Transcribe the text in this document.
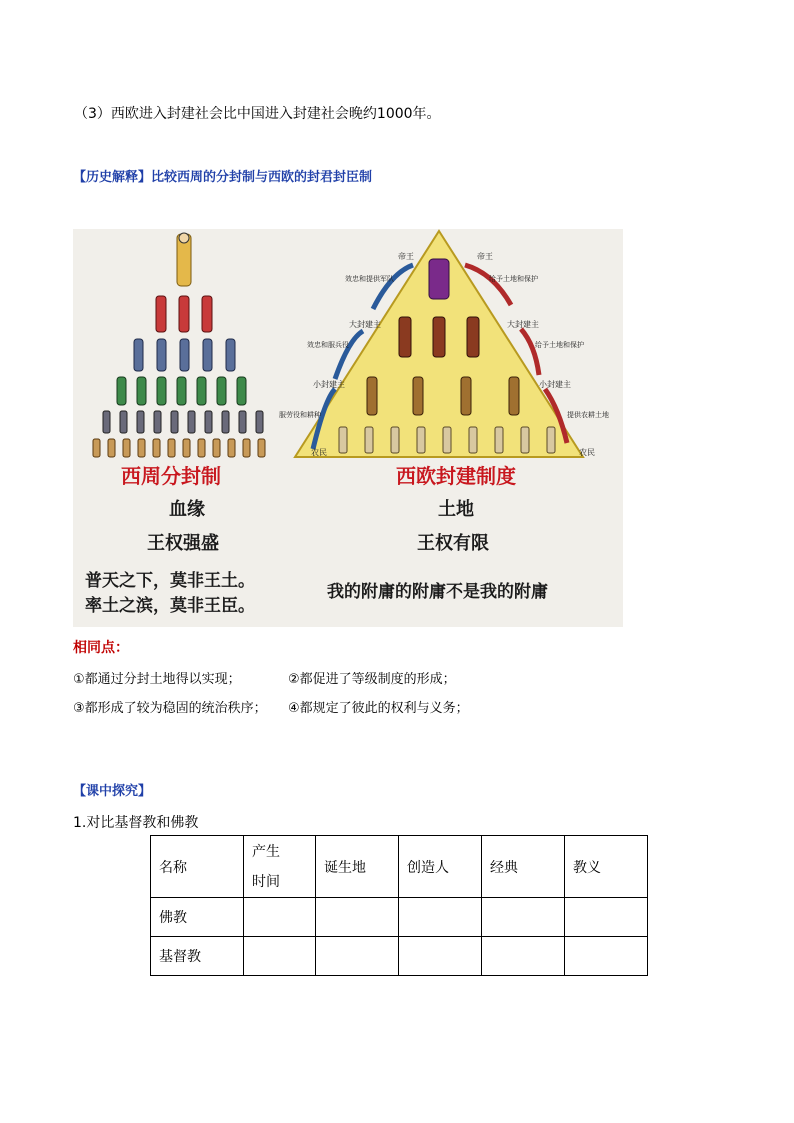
（3）西欧进入封建社会比中国进入封建社会晚约1000年。
【历史解释】比较西周的分封制与西欧的封君封臣制
帝王
大封建主
小封建主
农民
帝王
大封建主
小封建主
农民
效忠和提供军队
效忠和服兵役
服劳役和耕种
给予土地和保护
给予土地和保护
提供农耕土地
西周分封制	西欧封建制度
血缘
王权强盛
土地
王权有限
普天之下，莫非王土。
率土之滨，莫非王臣。
我的附庸的附庸不是我的附庸
相同点：
①都通过分封土地得以实现；	②都促进了等级制度的形成；
③都形成了较为稳固的统治秩序； ④都规定了彼此的权利与义务；
【课中探究】
1.对比基督教和佛教
名称	产生时间	诞生地	创造人	经典	教义
佛教					
基督教					
